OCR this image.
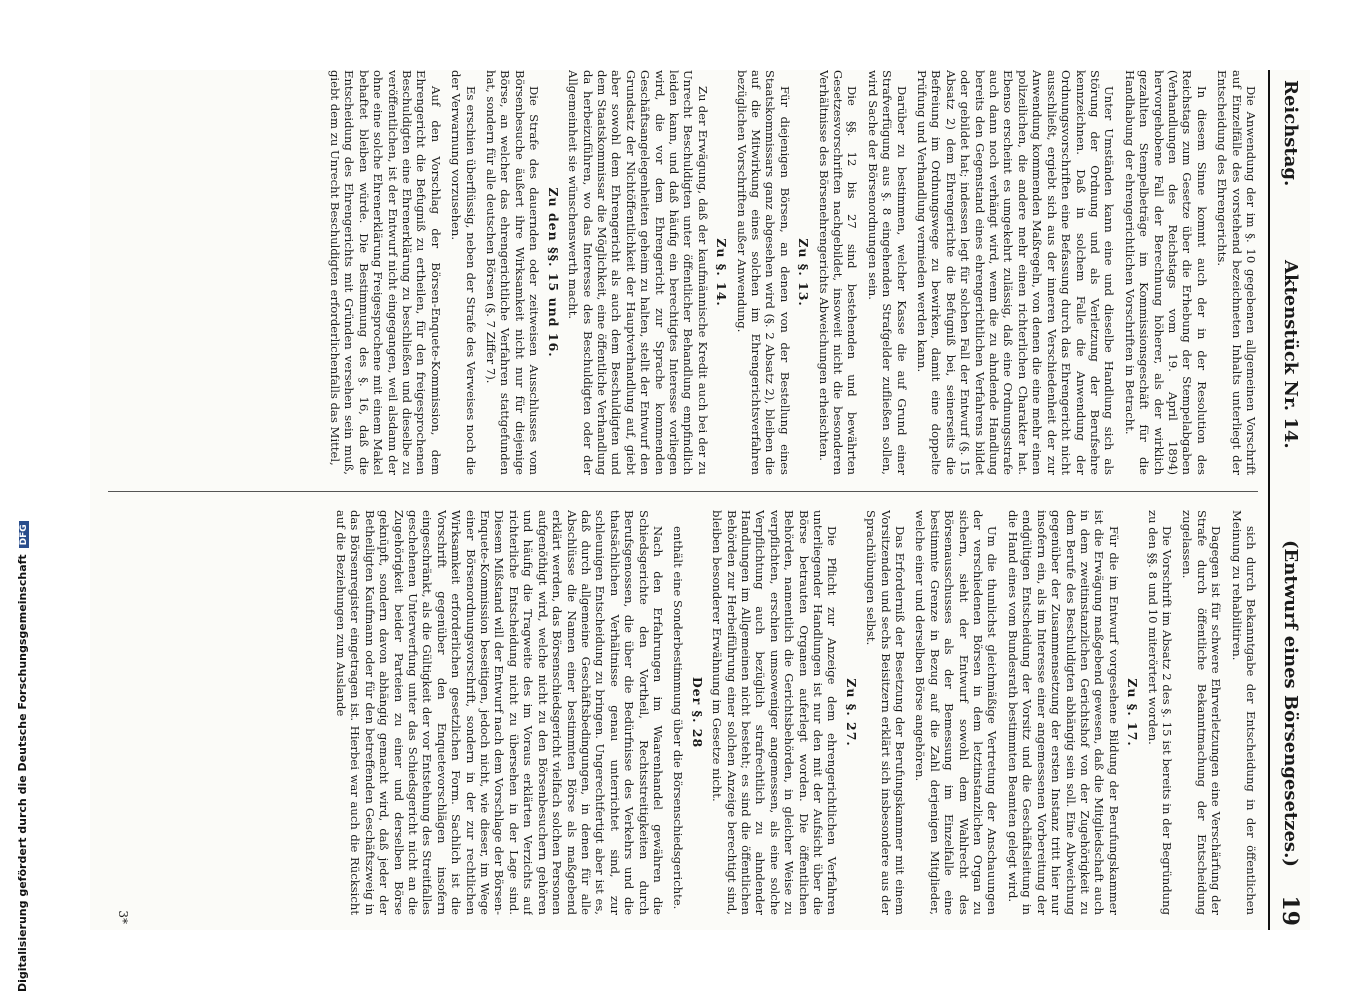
Digitalisierung gefördert durch die Deutsche ForschungsgemeinschaftDFG
Reichstag.
Aktenstück Nr. 14.
(Entwurf eines Börsengesetzes.)
19

Die Anwendung der im §. 10 gegebenen allgemeinen Vorschrift auf Einzelfälle des vorstehend bezeichneten Inhalts unterliegt der Entscheidung des Ehrengerichts.

In diesem Sinne kommt auch der in der Resolution des Reichstags zum Gesetze über die Erhebung der Stempelabgaben (Verhandlungen des Reichstags vom 19. April 1894) hervorgehobene Fall der Berechnung höherer, als der wirklich gezahlten Stempelbeträge im Kommissionsgeschäft für die Handhabung der ehrengerichtlichen Vorschriften in Betracht.

Unter Umständen kann eine und dieselbe Handlung sich als Störung der Ordnung und als Verletzung der Berufsehre kennzeichnen. Daß in solchem Falle die Anwendung der Ordnungsvorschriften eine Befassung durch das Ehrengericht nicht ausschließt, ergiebt sich aus der inneren Verschiedenheit der zur Anwendung kommenden Maßregeln, von denen die eine mehr einen polizeilichen, die andere mehr einen richterlichen Charakter hat. Ebenso erscheint es umgekehrt zulässig, daß eine Ordnungsstrafe auch dann noch verhängt wird, wenn die zu ahndende Handlung bereits den Gegenstand eines ehrengerichtlichen Verfahrens bildet oder gebildet hat; indessen legt für solchen Fall der Entwurf (§. 15 Absatz 2) dem Ehrengerichte die Befugniß bei, seinerseits die Befreiung im Ordnungswege zu bewirken, damit eine doppelte Prüfung und Verhandlung vermieden werden kann.

Darüber zu bestimmen, welcher Kasse die auf Grund einer Strafverfügung aus §. 8 eingehenden Strafgelder zufließen sollen, wird Sache der Börsenordnungen sein.

Die §§. 12 bis 27 sind bestehenden und bewährten Gesetzesvorschriften nachgebildet, insoweit nicht die besonderen Verhältnisse des Börsenehrengerichts Abweichungen erheischten.

Zu §. 13.

Für diejenigen Börsen, an denen von der Bestellung eines Staatskommissars ganz abgesehen wird (§. 2 Absatz 2), bleiben die auf die Mitwirkung eines solchen im Ehrengerichtsverfahren bezüglichen Vorschriften außer Anwendung.

Zu §. 14.

Zu der Erwägung, daß der kaufmännische Kredit auch bei der zu Unrecht Beschuldigten unter öffentlicher Behandlung empfindlich leiden kann, und daß häufig ein berechtigtes Interesse vorliegen wird, die vor dem Ehrengericht zur Sprache kommenden Geschäftsangelegenheiten geheim zu halten, stellt der Entwurf den Grundsatz der Nichtöffentlichkeit der Hauptverhandlung auf, giebt aber sowohl dem Ehrengericht als auch dem Beschuldigten und dem Staatskommissar die Möglichkeit, eine öffentliche Verhandlung da herbeizuführen, wo das Interesse des Beschuldigten oder der Allgemeinheit sie wünschenswerth macht.

Zu den §§. 15 und 16.

Die Strafe des dauernden oder zeitweisen Ausschlusses vom Börsenbesuche äußert ihre Wirksamkeit nicht nur für diejenige Börse, an welcher das ehrengerichtliche Verfahren stattgefunden hat, sondern für alle deutschen Börsen (§. 7 Ziffer 7).

Es erschien überflüssig, neben der Strafe des Verweises noch die der Verwarnung vorzusehen.

Auf den Vorschlag der Börsen-Enquete-Kommission, dem Ehrengericht die Befugniß zu ertheilen, für den freigesprochenen Beschuldigten eine Ehrenerklärung zu beschließen und dieselbe zu veröffentlichen, ist der Entwurf nicht eingegangen, weil alsdann der ohne eine solche Ehrenerklärung Freigesprochene mit einem Makel behaftet bleiben würde. Die Bestimmung des §. 16, daß die Entscheidung des Ehrengerichts mit Gründen versehen sein muß, giebt dem zu Unrecht Beschuldigten erforderlichenfalls das Mittel,

sich durch Bekanntgabe der Entscheidung in der öffentlichen Meinung zu rehabilitiren.

Dagegen ist für schwere Ehrverletzungen eine Verschärfung der Strafe durch öffentliche Bekanntmachung der Entscheidung zugelassen.

Die Vorschrift im Absatz 2 des §. 15 ist bereits in der Begründung zu den §§. 8 und 10 miterörtert worden.

Zu §. 17.

Für die im Entwurf vorgesehene Bildung der Berufungskammer ist die Erwägung maßgebend gewesen, daß die Mitgliedschaft auch in dem zweitinstanzlichen Gerichtshof von der Zugehörigkeit zu dem Berufe des Beschuldigten abhängig sein soll. Eine Abweichung gegenüber der Zusammensetzung der ersten Instanz tritt hier nur insofern ein, als im Interesse einer angemessenen Vorbereitung der endgültigen Entscheidung der Vorsitz und die Geschäftsleitung in die Hand eines vom Bundesrath bestimmten Beamten gelegt wird.

Um die thunlichst gleichmäßige Vertretung der Anschauungen der verschiedenen Börsen in dem letztinstanzlichen Organ zu sichern, sieht der Entwurf sowohl dem Wahlrecht des Börsenausschusses als der Bemessung im Einzelfalle eine bestimmte Grenze in Bezug auf die Zahl derjenigen Mitglieder, welche einer und derselben Börse angehören.

Das Erforderniß der Besetzung der Berufungskammer mit einem Vorsitzenden und sechs Beisitzern erklärt sich insbesondere aus der Sprachübungen selbst.

Zu §. 27.

Die Pflicht zur Anzeige dem ehrengerichtlichen Verfahren unterliegender Handlungen ist nur den mit der Aufsicht über die Börse betrauten Organen auferlegt worden. Die öffentlichen Behörden, namentlich die Gerichtsbehörden, in gleicher Weise zu verpflichten, erschien umsoweniger angemessen, als eine solche Verpflichtung auch bezüglich strafrechtlich zu ahndender Handlungen im Allgemeinen nicht besteht; es sind die öffentlichen Behörden zur Herbeiführung einer solchen Anzeige berechtigt sind, bleiben besonderer Erwähnung im Gesetze nicht.

Der §. 28

enthält eine Sonderbestimmung über die Börsenschiedsgerichte.

Nach den Erfahrungen im Waarenhandel gewähren die Schiedsgerichte den Vortheil, Rechtsstreitigkeiten durch Berufsgenossen, die über die Bedürfnisse des Verkehrs und die thatsächlichen Verhältnisse genau unterrichtet sind, zur schleunigen Entscheidung zu bringen. Ungerechtfertigt aber ist es, daß durch allgemeine Geschäftsbedingungen, in denen für alle Abschlüsse die Namen einer bestimmten Börse als maßgebend erklärt werden, das Börsenschiedsgericht vielfach solchen Personen aufgenöthigt wird, welche nicht zu den Börsenbesuchern gehören und häufig die Tragweite des im Voraus erklärten Verzichts auf richterliche Entscheidung nicht zu übersehen in der Lage sind. Diesem Mißstand will der Entwurf nach dem Vorschlage der Börsen-Enquete-Kommission beseitigen, jedoch nicht, wie dieser, im Wege einer Börsenordnungsvorschrift, sondern in der zur rechtlichen Wirksamkeit erforderlichen gesetzlichen Form. Sachlich ist die Vorschrift gegenüber den Enquetevorschlägen insofern eingeschränkt, als die Gültigkeit der vor Entstehung des Streitfalles geschehenen Unterwerfung unter das Schiedsgericht nicht an die Zugehörigkeit beider Parteien zu einer und derselben Börse geknüpft, sondern davon abhängig gemacht wird, daß jeder der Betheiligten Kaufmann oder für den betreffenden Geschäftszweig in das Börsenregister eingetragen ist. Hierbei war auch die Rücksicht auf die Beziehungen zum Auslande

3*
